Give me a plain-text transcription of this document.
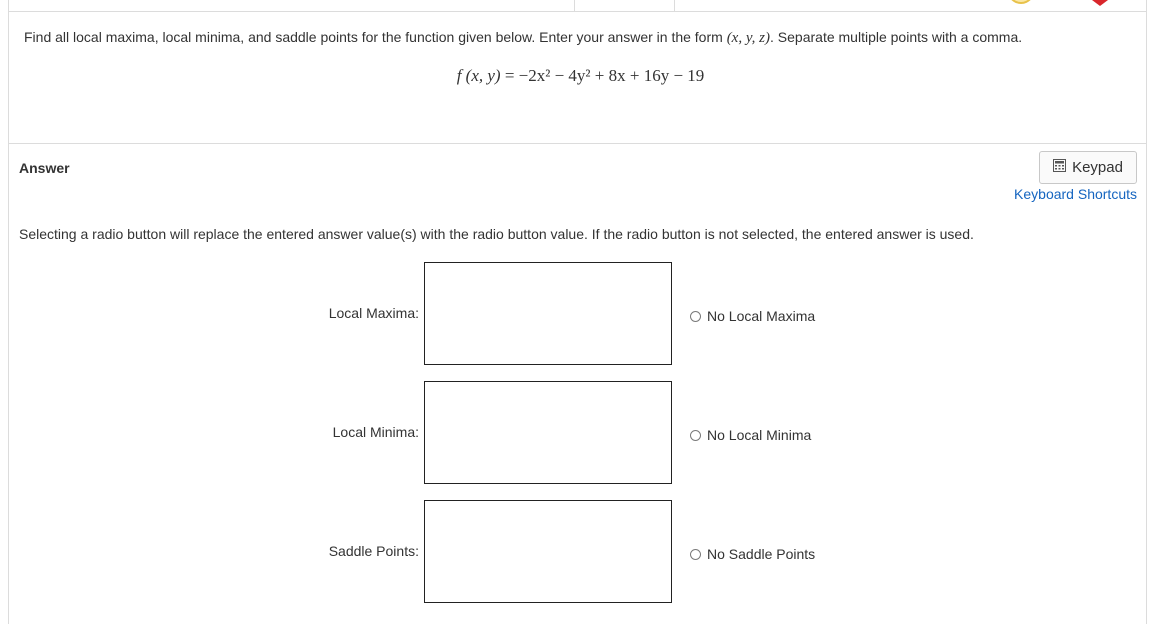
Find all local maxima, local minima, and saddle points for the function given below. Enter your answer in the form (x, y, z). Separate multiple points with a comma.
f (x, y) = −2x² − 4y² + 8x + 16y − 19
Answer	Keypad
Keyboard Shortcuts
Selecting a radio button will replace the entered answer value(s) with the radio button value. If the radio button is not selected, the entered answer is used.
Local Maxima:	No Local Maxima
Local Minima:	No Local Minima
Saddle Points:	No Saddle Points
